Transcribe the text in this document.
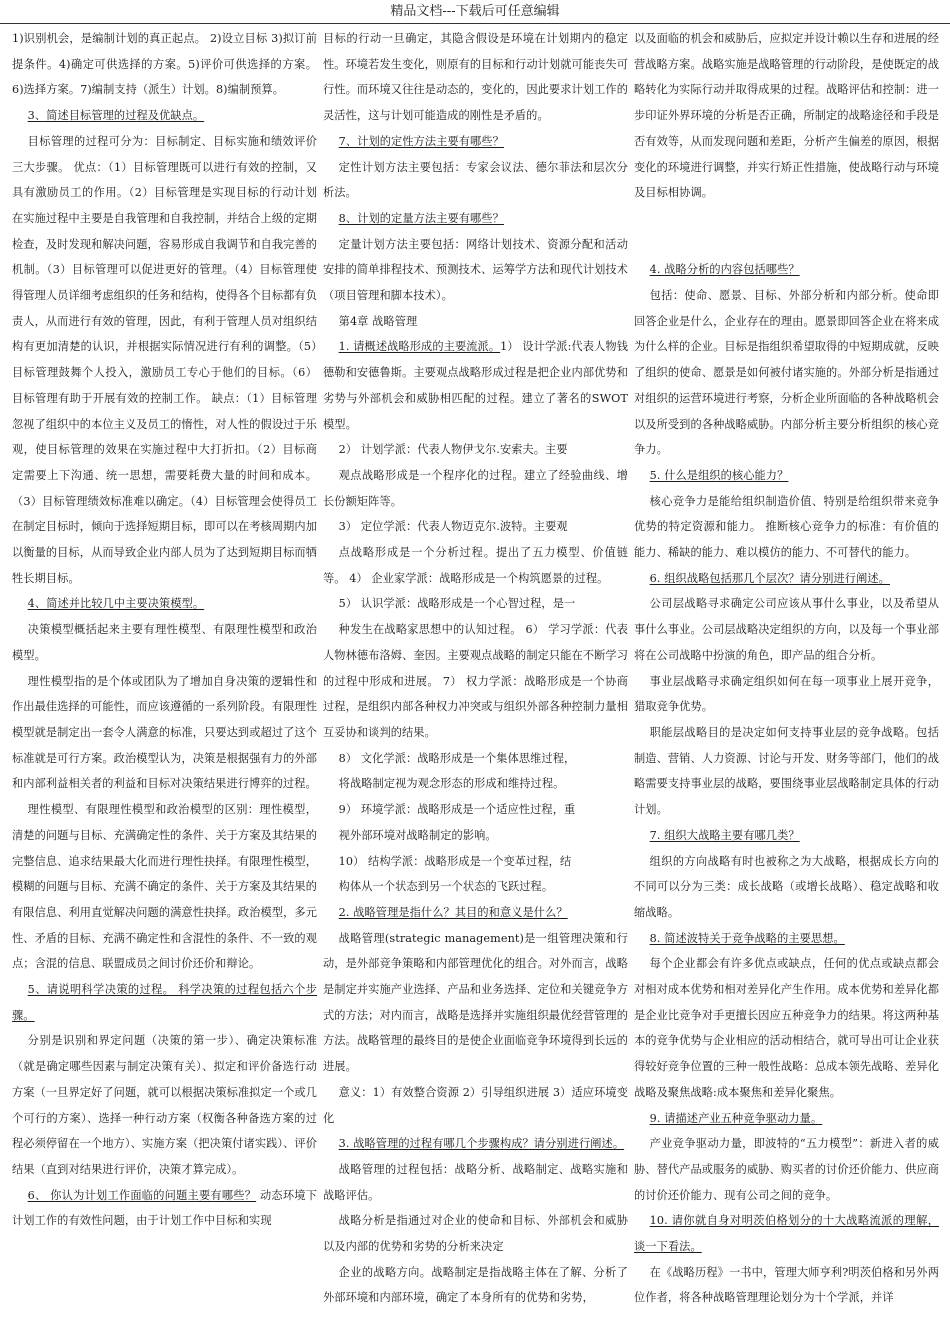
精品文档---下载后可任意编辑

1)识别机会，是编制计划的真正起点。 2)设立目标 3)拟订前提条件。4)确定可供选择的方案。5)评价可供选择的方案。6)选择方案。7)编制支持（派生）计划。8)编制预算。

3、简述目标管理的过程及优缺点。

目标管理的过程可分为：目标制定、目标实施和绩效评价三大步骤。 优点：（1）目标管理既可以进行有效的控制，又具有激励员工的作用。（2）目标管理是实现目标的行动计划在实施过程中主要是自我管理和自我控制，并结合上级的定期检查，及时发现和解决问题，容易形成自我调节和自我完善的机制。（3）目标管理可以促进更好的管理。（4）目标管理使得管理人员详细考虑组织的任务和结构，使得各个目标都有负责人，从而进行有效的管理，因此，有利于管理人员对组织结构有更加清楚的认识，并根据实际情况进行有利的调整。（5）目标管理鼓舞个人投入，激励员工专心于他们的目标。（6）目标管理有助于开展有效的控制工作。 缺点：（1）目标管理忽视了组织中的本位主义及员工的惰性，对人性的假设过于乐观，使目标管理的效果在实施过程中大打折扣。（2）目标商定需要上下沟通、统一思想，需要耗费大量的时间和成本。（3）目标管理绩效标准难以确定。（4）目标管理会使得员工在制定目标时，倾向于选择短期目标，即可以在考核周期内加以衡量的目标，从而导致企业内部人员为了达到短期目标而牺牲长期目标。

4、简述并比较几中主要决策模型。

决策模型概括起来主要有理性模型、有限理性模型和政治模型。

理性模型指的是个体或团队为了增加自身决策的逻辑性和作出最佳选择的可能性，而应该遵循的一系列阶段。有限理性模型就是制定出一套令人满意的标准，只要达到或超过了这个标准就是可行方案。政治模型认为，决策是根据强有力的外部和内部利益相关者的利益和目标对决策结果进行博弈的过程。

理性模型、有限理性模型和政治模型的区别：理性模型，清楚的问题与目标、充满确定性的条件、关于方案及其结果的完整信息、追求结果最大化而进行理性抉择。有限理性模型，模糊的问题与目标、充满不确定的条件、关于方案及其结果的有限信息、利用直觉解决问题的满意性抉择。政治模型，多元性、矛盾的目标、充满不确定性和含混性的条件、不一致的观点；含混的信息、联盟成员之间讨价还价和辩论。

5、请说明科学决策的过程。 科学决策的过程包括六个步骤。

分别是识别和界定问题（决策的第一步）、确定决策标准（就是确定哪些因素与制定决策有关）、拟定和评价备选行动方案（一旦界定好了问题，就可以根据决策标准拟定一个或几个可行的方案）、选择一种行动方案（权衡各种备选方案的过程必须停留在一个地方）、实施方案（把决策付诸实践）、评价结果（直到对结果进行评价，决策才算完成）。

6、 你认为计划工作面临的问题主要有哪些？ 动态环境下计划工作的有效性问题，由于计划工作中目标和实现

目标的行动一旦确定，其隐含假设是环境在计划期内的稳定性。环境若发生变化，则原有的目标和行动计划就可能丧失可行性。而环境又往往是动态的，变化的，因此要求计划工作的灵活性，这与计划可能造成的刚性是矛盾的。

7、计划的定性方法主要有哪些？

定性计划方法主要包括：专家会议法、德尔菲法和层次分析法。

8、计划的定量方法主要有哪些？

定量计划方法主要包括：网络计划技术、资源分配和活动安排的简单排程技术、预测技术、运筹学方法和现代计划技术（项目管理和脚本技术）。

第4章 战略管理

1. 请概述战略形成的主要流派。1） 设计学派:代表人物钱德勒和安德鲁斯。主要观点战略形成过程是把企业内部优势和劣势与外部机会和威胁相匹配的过程。建立了著名的SWOT模型。

2） 计划学派：代表人物伊戈尔.安索夫。主要

观点战略形成是一个程序化的过程。建立了经验曲线、增长份额矩阵等。

3） 定位学派：代表人物迈克尔.波特。主要观

点战略形成是一个分析过程。提出了五力模型、价值链等。 4） 企业家学派：战略形成是一个构筑愿景的过程。

5） 认识学派：战略形成是一个心智过程，是一

种发生在战略家思想中的认知过程。 6） 学习学派：代表人物林德布洛姆、奎因。主要观点战略的制定只能在不断学习的过程中形成和进展。 7） 权力学派：战略形成是一个协商过程，是组织内部各种权力冲突或与组织外部各种控制力量相互妥协和谈判的结果。

8） 文化学派：战略形成是一个集体思维过程，

将战略制定视为观念形态的形成和维持过程。

9） 环境学派：战略形成是一个适应性过程，重

视外部环境对战略制定的影响。

10） 结构学派：战略形成是一个变革过程，结

构体从一个状态到另一个状态的飞跃过程。

2. 战略管理是指什么？其目的和意义是什么？

战略管理(strategic management)是一组管理决策和行动，是外部竞争策略和内部管理优化的组合。对外而言，战略是制定并实施产业选择、产品和业务选择、定位和关键竞争方式的方法；对内而言，战略是选择并实施组织最优经营管理的方法。战略管理的最终目的是使企业面临竞争环境得到长远的进展。

意义：1）有效整合资源 2）引导组织进展 3）适应环境变化

3. 战略管理的过程有哪几个步骤构成？请分别进行阐述。

战略管理的过程包括：战略分析、战略制定、战略实施和战略评估。

战略分析是指通过对企业的使命和目标、外部机会和威胁以及内部的优势和劣势的分析来决定

企业的战略方向。战略制定是指战略主体在了解、分析了外部环境和内部环境，确定了本身所有的优势和劣势，

以及面临的机会和威胁后，应拟定并设计赖以生存和进展的经营战略方案。战略实施是战略管理的行动阶段，是使既定的战略转化为实际行动并取得成果的过程。战略评估和控制：进一步印证外界环境的分析是否正确，所制定的战略途径和手段是否有效等，从而发现问题和差距，分析产生偏差的原因，根据变化的环境进行调整，并实行矫正性措施，使战略行动与环境及目标相协调。

4. 战略分析的内容包括哪些？

包括：使命、愿景、目标、外部分析和内部分析。使命即回答企业是什么，企业存在的理由。愿景即回答企业在将来成为什么样的企业。目标是指组织希望取得的中短期成就，反映了组织的使命、愿景是如何被付诸实施的。外部分析是指通过对组织的运营环境进行考察，分析企业所面临的各种战略机会以及所受到的各种战略威胁。内部分析主要分析组织的核心竞争力。

5. 什么是组织的核心能力？

核心竞争力是能给组织制造价值、特别是给组织带来竞争优势的特定资源和能力。 推断核心竞争力的标准：有价值的能力、稀缺的能力、难以模仿的能力、不可替代的能力。

6. 组织战略包括那几个层次？请分别进行阐述。

公司层战略寻求确定公司应该从事什么事业，以及希望从事什么事业。公司层战略决定组织的方向，以及每一个事业部将在公司战略中扮演的角色，即产品的组合分析。

事业层战略寻求确定组织如何在每一项事业上展开竞争，猎取竞争优势。

职能层战略目的是决定如何支持事业层的竞争战略。包括制造、营销、人力资源、讨论与开发、财务等部门，他们的战略需要支持事业层的战略，要围绕事业层战略制定具体的行动计划。

7. 组织大战略主要有哪几类？

组织的方向战略有时也被称之为大战略，根据成长方向的不同可以分为三类：成长战略（或增长战略）、稳定战略和收缩战略。

8. 简述波特关于竞争战略的主要思想。

每个企业都会有许多优点或缺点，任何的优点或缺点都会对相对成本优势和相对差异化产生作用。成本优势和差异化都是企业比竞争对手更擅长因应五种竞争力的结果。将这两种基本的竞争优势与企业相应的活动相结合，就可导出可让企业获得较好竞争位置的三种一般性战略：总成本领先战略、差异化战略及聚焦战略:成本聚焦和差异化聚焦。

9. 请描述产业五种竞争驱动力量。

产业竞争驱动力量，即波特的“五力模型”：新进入者的威胁、替代产品或服务的威胁、购买者的讨价还价能力、供应商的讨价还价能力、现有公司之间的竞争。

10. 请你就自身对明茨伯格划分的十大战略流派的理解，谈一下看法。

在《战略历程》一书中，管理大师亨利?明茨伯格和另外两位作者，将各种战略管理理论划分为十个学派，并详
